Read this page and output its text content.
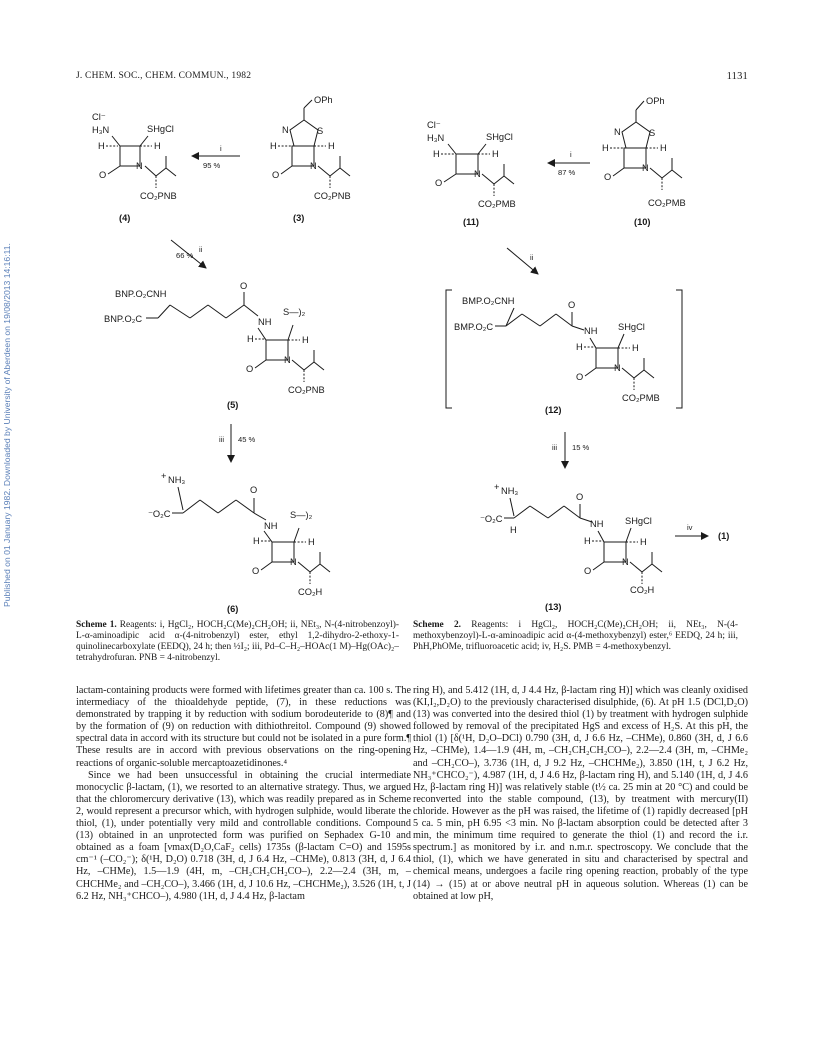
Published on 01 January 1982. Downloaded by University of Aberdeen on 19/08/2013 14:16:11.
J. CHEM. SOC., CHEM. COMMUN., 1982	1131
Cl⁻
H₃N	SHgCl
H	H
O
N
CO₂PNB
(4)
i
95 %
OPh
N	S
H	H
O
N
CO₂PNB
(3)
66 %
ii
BNP.O₂CNH
BNP.O₂C
O
NH
S—)₂
H	H
O
N
CO₂PNB
(5)
iii 45 %
NH₃
+
⁻O₂C
O
NH
S—)₂
H	H
O
N
CO₂H
(6)
Cl⁻
H₃N	SHgCl
H	H
O
N
CO₂PMB
(11)
i
87 %
OPh
N	S
H	H
O
N
CO₂PMB
(10)
ii
BMP.O₂CNH
BMP.O₂C
O
NH SHgCl
H	H
O
N
CO₂PMB
(12)
iii 15 %
NH₃
+
⁻O₂C
H
O
NH SHgCl
H	H
O
N
CO₂H
(13)
iv
(1)
Scheme 1. Reagents: i, HgCl₂, HOCH₂C(Me)₂CH₂OH; ii, NEt₃, N-(4-nitrobenzoyl)-L-α-aminoadipic acid α-(4-nitrobenzyl) ester, ethyl 1,2-dihydro-2-ethoxy-1-quinolinecarboxylate (EEDQ), 24 h; then ½I₂; iii, Pd–C–H₂–HOAc(1 M)–Hg(OAc)₂–tetrahydrofuran. PNB = 4-nitrobenzyl.
Scheme 2. Reagents: i HgCl₂, HOCH₂C(Me)₂CH₂OH; ii, NEt₃, N-(4-methoxybenzoyl)-L-α-aminoadipic acid α-(4-methoxybenzyl) ester,⁶ EEDQ, 24 h; iii, PhH,PhOMe, trifluoroacetic acid; iv, H₂S. PMB = 4-methoxybenzyl.

lactam-containing products were formed with lifetimes greater than ca. 100 s. The intermediacy of the thioaldehyde peptide, (7), in these reductions was demonstrated by trapping it by reduction with sodium borodeuteride to (8)¶ and by the formation of (9) on reduction with dithiothreitol. Compound (9) showed spectral data in accord with its structure but could not be isolated in a pure form.¶ These results are in accord with previous observations on the ring-opening reactions of organic-soluble mercaptoazetidinones.⁴

Since we had been unsuccessful in obtaining the crucial intermediate monocyclic β-lactam, (1), we resorted to an alternative strategy. Thus, we argued that the chloromercury derivative (13), which was readily prepared as in Scheme 2, would represent a precursor which, with hydrogen sulphide, would liberate the thiol, (1), under potentially very mild and controllable conditions. Compound (13) obtained in an unprotected form was purified on Sephadex G-10 and obtained as a foam [νmax(D₂O,CaF₂ cells) 1735s (β-lactam C=O) and 1595s cm⁻¹ (–CO₂⁻); δ(¹H, D₂O) 0.718 (3H, d, J 6.4 Hz, –CHMe), 0.813 (3H, d, J 6.4 Hz, –CHMe), 1.5—1.9 (4H, m, –CH₂CH₂CH₂CO–), 2.2—2.4 (3H, m, –CHCHMe₂ and –CH₂CO–), 3.466 (1H, d, J 10.6 Hz, –CHCHMe₂), 3.526 (1H, t, J 6.2 Hz, NH₃⁺CHCO–), 4.980 (1H, d, J 4.4 Hz, β-lactam

ring H), and 5.412 (1H, d, J 4.4 Hz, β-lactam ring H)] which was cleanly oxidised (KI,I₂,D₂O) to the previously characterised disulphide, (6). At pH 1.5 (DCl,D₂O) (13) was converted into the desired thiol (1) by treatment with hydrogen sulphide followed by removal of the precipitated HgS and excess of H₂S. At this pH, the thiol (1) [δ(¹H, D₂O–DCl) 0.790 (3H, d, J 6.6 Hz, –CHMe), 0.860 (3H, d, J 6.6 Hz, –CHMe), 1.4—1.9 (4H, m, –CH₂CH₂CH₂CO–), 2.2—2.4 (3H, m, –CHMe₂ and –CH₂CO–), 3.736 (1H, d, J 9.2 Hz, –CHCHMe₂), 3.850 (1H, t, J 6.2 Hz, NH₃⁺CHCO₂⁻), 4.987 (1H, d, J 4.6 Hz, β-lactam ring H), and 5.140 (1H, d, J 4.6 Hz, β-lactam ring H)] was relatively stable (t½ ca. 25 min at 20 °C) and could be reconverted into the stable compound, (13), by treatment with mercury(II) chloride. However as the pH was raised, the lifetime of (1) rapidly decreased [pH 5 ca. 5 min, pH 6.95 <3 min. No β-lactam absorption could be detected after 3 min, the minimum time required to generate the thiol (1) and record the i.r. spectrum.] as monitored by i.r. and n.m.r. spectroscopy. We conclude that the thiol, (1), which we have generated in situ and characterised by spectral and chemical means, undergoes a facile ring opening reaction, probably of the type (14) → (15) at or above neutral pH in aqueous solution. Whereas (1) can be obtained at low pH,
